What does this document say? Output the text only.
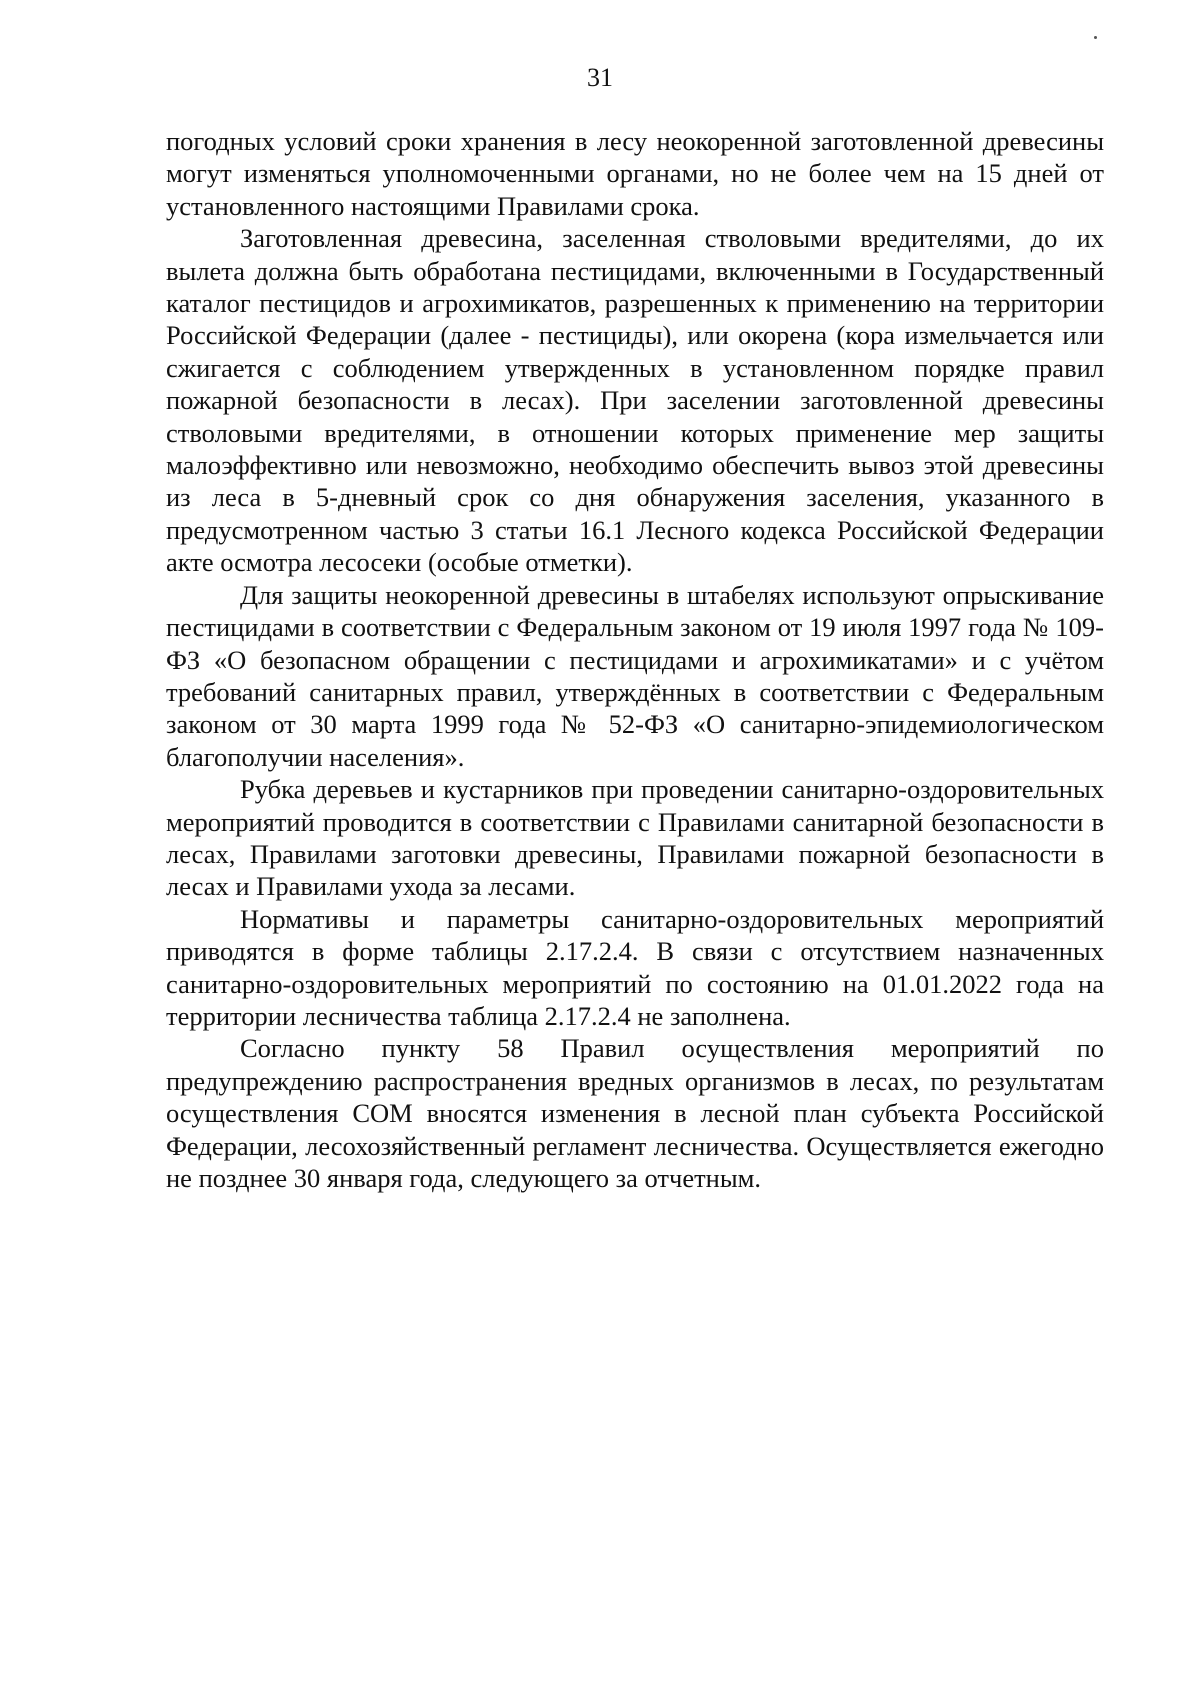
31

погодных условий сроки хранения в лесу неокоренной заготовленной древесины могут изменяться уполномоченными органами, но не более чем на 15 дней от установленного настоящими Правилами срока.

Заготовленная древесина, заселенная стволовыми вредителями, до их вылета должна быть обработана пестицидами, включенными в Государственный каталог пестицидов и агрохимикатов, разрешенных к применению на территории Российской Федерации (далее - пестициды), или окорена (кора измельчается или сжигается с соблюдением утвержденных в установленном порядке правил пожарной безопасности в лесах). При заселении заготовленной древесины стволовыми вредителями, в отношении которых применение мер защиты малоэффективно или невозможно, необходимо обеспечить вывоз этой древесины из леса в 5-дневный срок со дня обнаружения заселения, указанного в предусмотренном частью 3 статьи 16.1 Лесного кодекса Российской Федерации акте осмотра лесосеки (особые отметки).

Для защиты неокоренной древесины в штабелях используют опрыскивание пестицидами в соответствии с Федеральным законом от 19 июля 1997 года № 109-ФЗ «О безопасном обращении с пестицидами и агрохимикатами» и с учётом требований санитарных правил, утверждённых в соответствии с Федеральным законом от 30 марта 1999 года № 52-ФЗ «О санитарно-эпидемиологическом благополучии населения».

Рубка деревьев и кустарников при проведении санитарно-оздоровительных мероприятий проводится в соответствии с Правилами санитарной безопасности в лесах, Правилами заготовки древесины, Правилами пожарной безопасности в лесах и Правилами ухода за лесами.

Нормативы и параметры санитарно-оздоровительных мероприятий приводятся в форме таблицы 2.17.2.4. В связи с отсутствием назначенных санитарно-оздоровительных мероприятий по состоянию на 01.01.2022 года на территории лесничества таблица 2.17.2.4 не заполнена.

Согласно пункту 58 Правил осуществления мероприятий по предупреждению распространения вредных организмов в лесах, по результатам осуществления СОМ вносятся изменения в лесной план субъекта Российской Федерации, лесохозяйственный регламент лесничества. Осуществляется ежегодно не позднее 30 января года, следующего за отчетным.
